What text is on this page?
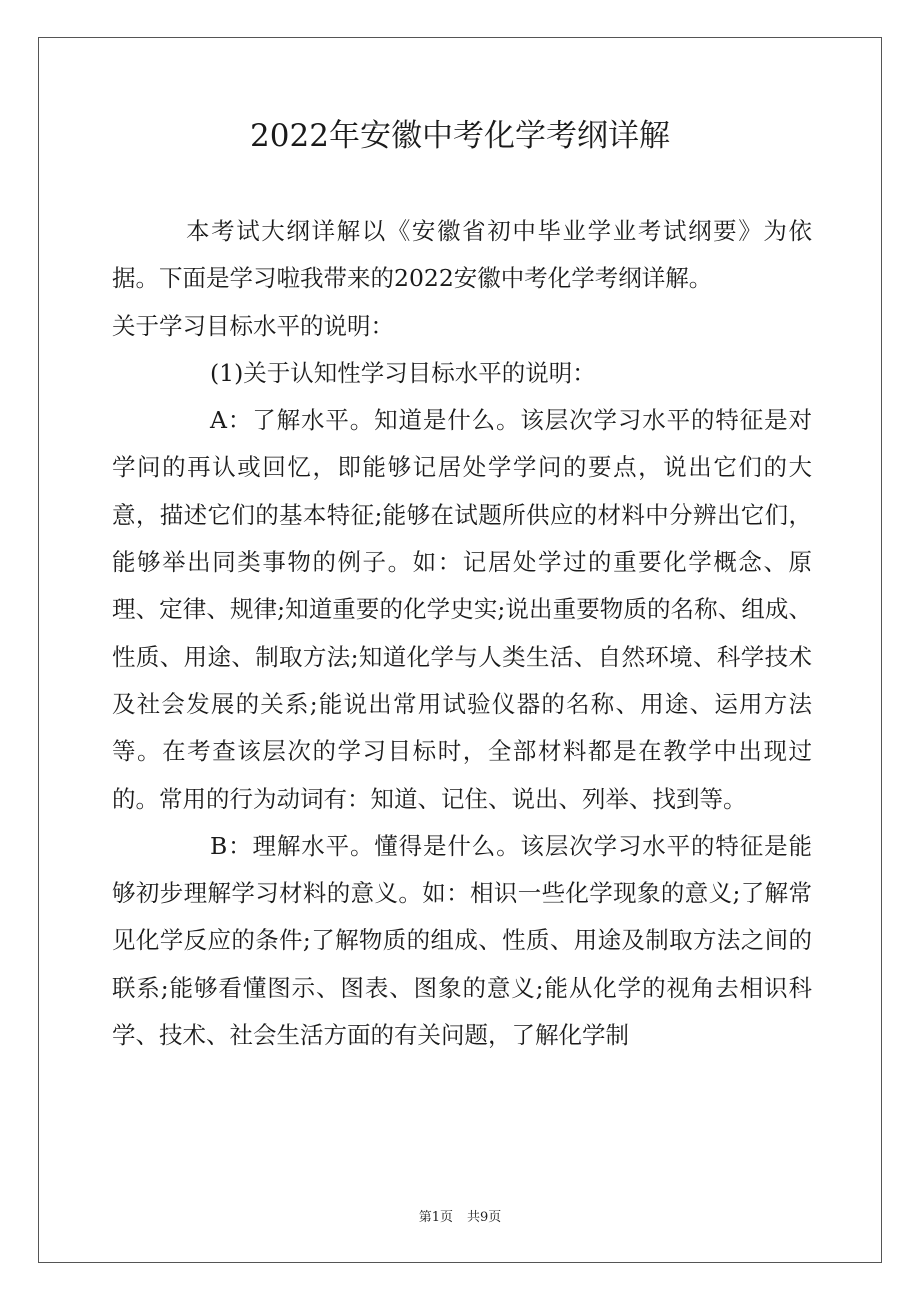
2022年安徽中考化学考纲详解

本考试大纲详解以《安徽省初中毕业学业考试纲要》为依据。下面是学习啦我带来的2022安徽中考化学考纲详解。

关于学习目标水平的说明：

(1)关于认知性学习目标水平的说明：

A：了解水平。知道是什么。该层次学习水平的特征是对学问的再认或回忆，即能够记居处学学问的要点，说出它们的大意，描述它们的基本特征;能够在试题所供应的材料中分辨出它们，能够举出同类事物的例子。如：记居处学过的重要化学概念、原理、定律、规律;知道重要的化学史实;说出重要物质的名称、组成、性质、用途、制取方法;知道化学与人类生活、自然环境、科学技术及社会发展的关系;能说出常用试验仪器的名称、用途、运用方法等。在考查该层次的学习目标时，全部材料都是在教学中出现过的。常用的行为动词有：知道、记住、说出、列举、找到等。

B：理解水平。懂得是什么。该层次学习水平的特征是能够初步理解学习材料的意义。如：相识一些化学现象的意义;了解常见化学反应的条件;了解物质的组成、性质、用途及制取方法之间的联系;能够看懂图示、图表、图象的意义;能从化学的视角去相识科学、技术、社会生活方面的有关问题，了解化学制

第1页 共9页
